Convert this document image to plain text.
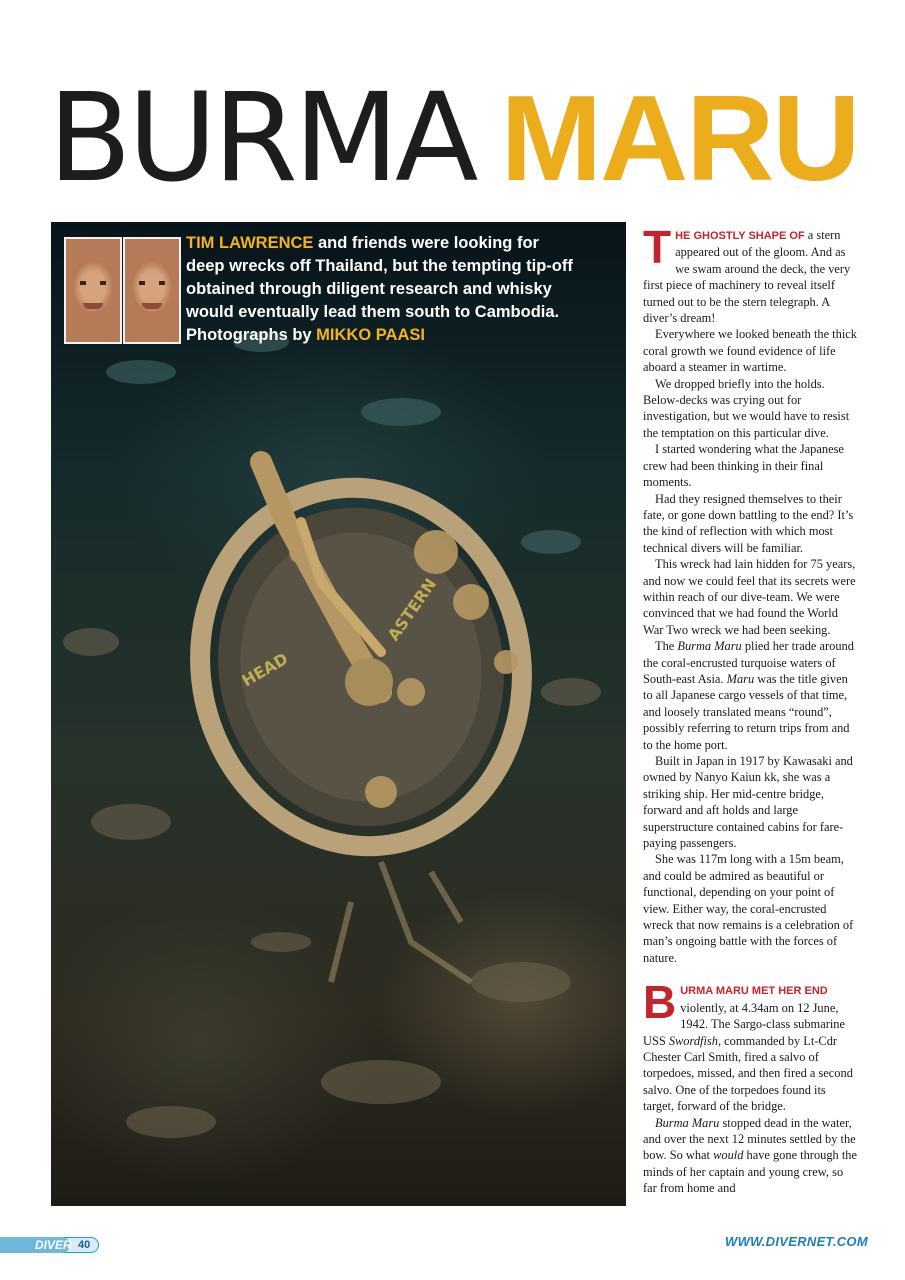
BURMA MARU
HEAD
ASTERN

TIM LAWRENCE and friends were looking for deep wrecks off Thailand, but the tempting tip-off obtained through diligent research and whisky would eventually lead them south to Cambodia. Photographs by MIKKO PAASI

THE GHOSTLY SHAPE OF a stern appeared out of the gloom. And as we swam around the deck, the very first piece of machinery to reveal itself turned out to be the stern telegraph. A diver’s dream!

Everywhere we looked beneath the thick coral growth we found evidence of life aboard a steamer in wartime.

We dropped briefly into the holds. Below-decks was crying out for investigation, but we would have to resist the temptation on this particular dive.

I started wondering what the Japanese crew had been thinking in their final moments.

Had they resigned themselves to their fate, or gone down battling to the end? It’s the kind of reflection with which most technical divers will be familiar.

This wreck had lain hidden for 75 years, and now we could feel that its secrets were within reach of our dive-team. We were convinced that we had found the World War Two wreck we had been seeking.

The Burma Maru plied her trade around the coral-encrusted turquoise waters of South-east Asia. Maru was the title given to all Japanese cargo vessels of that time, and loosely translated means “round”, possibly referring to return trips from and to the home port.

Built in Japan in 1917 by Kawasaki and owned by Nanyo Kaiun kk, she was a striking ship. Her mid-centre bridge, forward and aft holds and large superstructure contained cabins for fare-paying passengers.

She was 117m long with a 15m beam, and could be admired as beautiful or functional, depending on your point of view. Either way, the coral-encrusted wreck that now remains is a celebration of man’s ongoing battle with the forces of nature.

BURMA MARU MET HER END violently, at 4.34am on 12 June, 1942. The Sargo-class submarine USS Swordfish, commanded by Lt-Cdr Chester Carl Smith, fired a salvo of torpedoes, missed, and then fired a second salvo. One of the torpedoes found its target, forward of the bridge.

Burma Maru stopped dead in the water, and over the next 12 minutes settled by the bow. So what would have gone through the minds of her captain and young crew, so far from home and

DIVER 40	WWW.DIVERNET.COM
